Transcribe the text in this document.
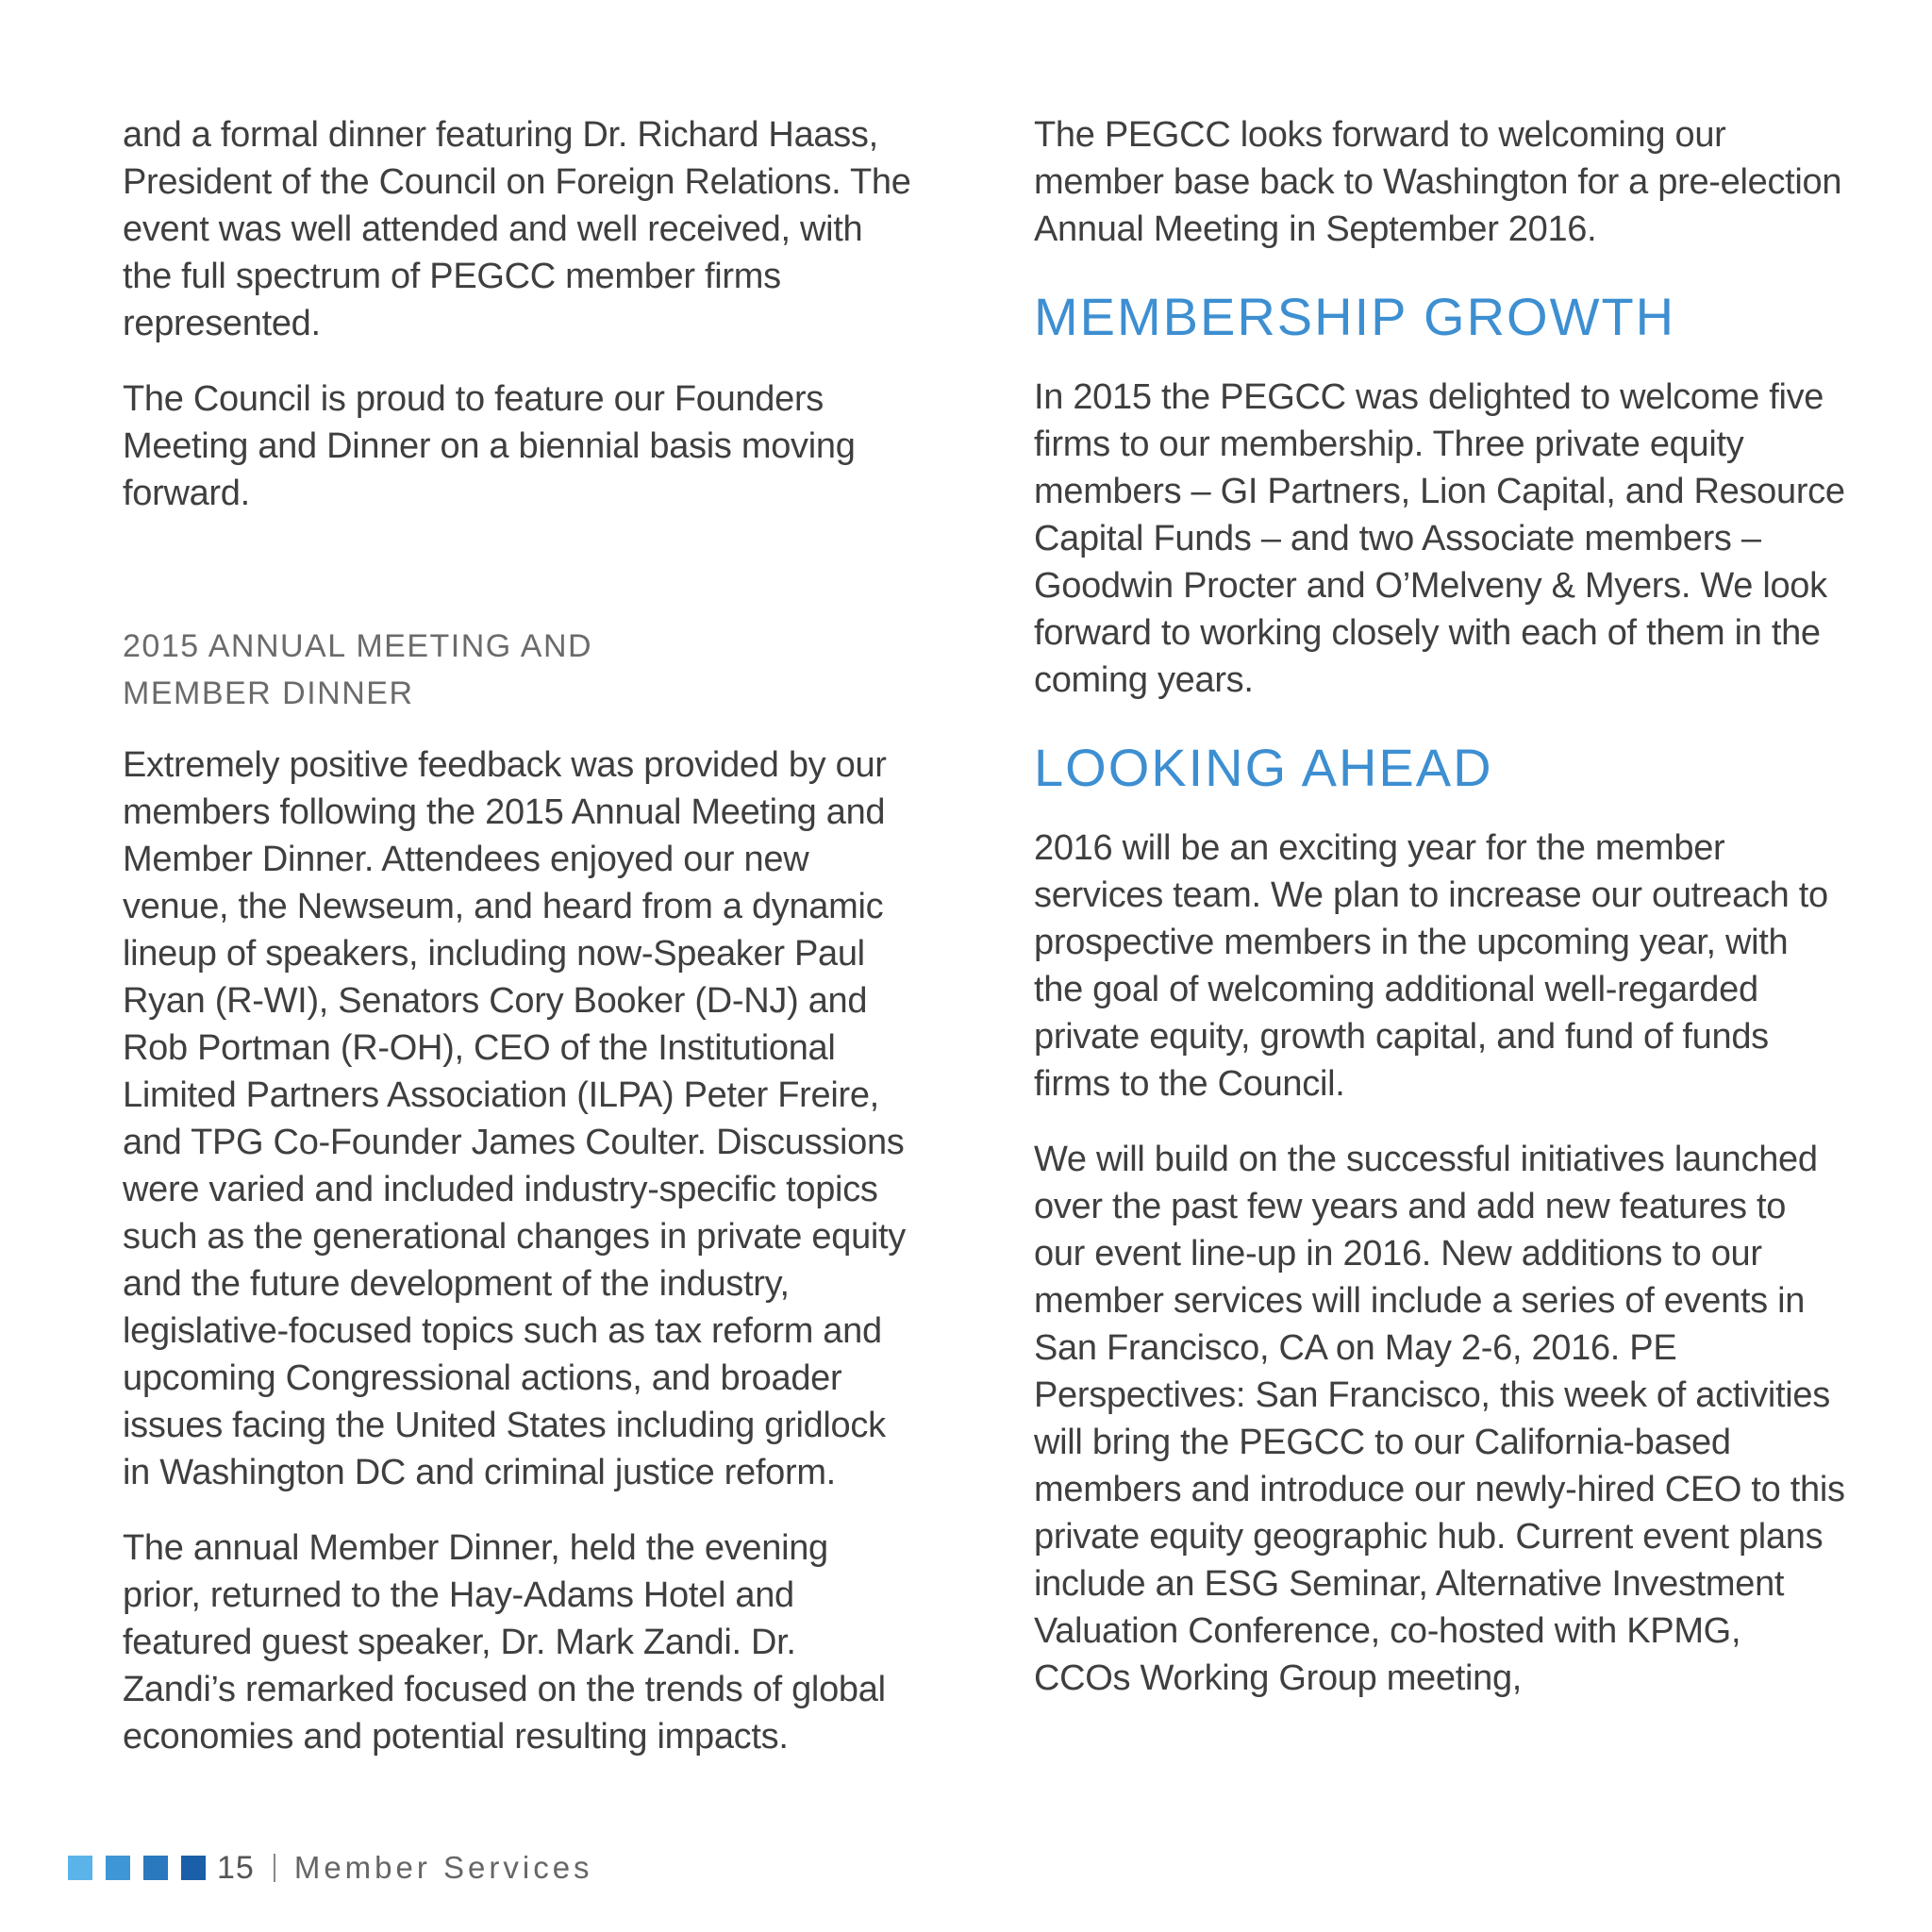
and a formal dinner featuring Dr. Richard Haass, President of the Council on Foreign Relations. The event was well attended and well received, with the full spectrum of PEGCC member firms represented.

The Council is proud to feature our Founders Meeting and Dinner on a biennial basis moving forward.

2015 ANNUAL MEETING AND MEMBER DINNER

Extremely positive feedback was provided by our members following the 2015 Annual Meeting and Member Dinner. Attendees enjoyed our new venue, the Newseum, and heard from a dynamic lineup of speakers, including now-Speaker Paul Ryan (R-WI), Senators Cory Booker (D-NJ) and Rob Portman (R-OH), CEO of the Institutional Limited Partners Association (ILPA) Peter Freire, and TPG Co-Founder James Coulter. Discussions were varied and included industry-specific topics such as the generational changes in private equity and the future development of the industry, legislative-focused topics such as tax reform and upcoming Congressional actions, and broader issues facing the United States including gridlock in Washington DC and criminal justice reform.

The annual Member Dinner, held the evening prior, returned to the Hay-Adams Hotel and featured guest speaker, Dr. Mark Zandi. Dr. Zandi’s remarked focused on the trends of global economies and potential resulting impacts.

The PEGCC looks forward to welcoming our member base back to Washington for a pre-election Annual Meeting in September 2016.

MEMBERSHIP GROWTH

In 2015 the PEGCC was delighted to welcome five firms to our membership. Three private equity members – GI Partners, Lion Capital, and Resource Capital Funds – and two Associate members – Goodwin Procter and O’Melveny & Myers. We look forward to working closely with each of them in the coming years.

LOOKING AHEAD

2016 will be an exciting year for the member services team. We plan to increase our outreach to prospective members in the upcoming year, with the goal of welcoming additional well-regarded private equity, growth capital, and fund of funds firms to the Council.

We will build on the successful initiatives launched over the past few years and add new features to our event line-up in 2016. New additions to our member services will include a series of events in San Francisco, CA on May 2-6, 2016. PE Perspectives: San Francisco, this week of activities will bring the PEGCC to our California-based members and introduce our newly-hired CEO to this private equity geographic hub. Current event plans include an ESG Seminar, Alternative Investment Valuation Conference, co-hosted with KPMG, CCOs Working Group meeting,

15 Member Services
